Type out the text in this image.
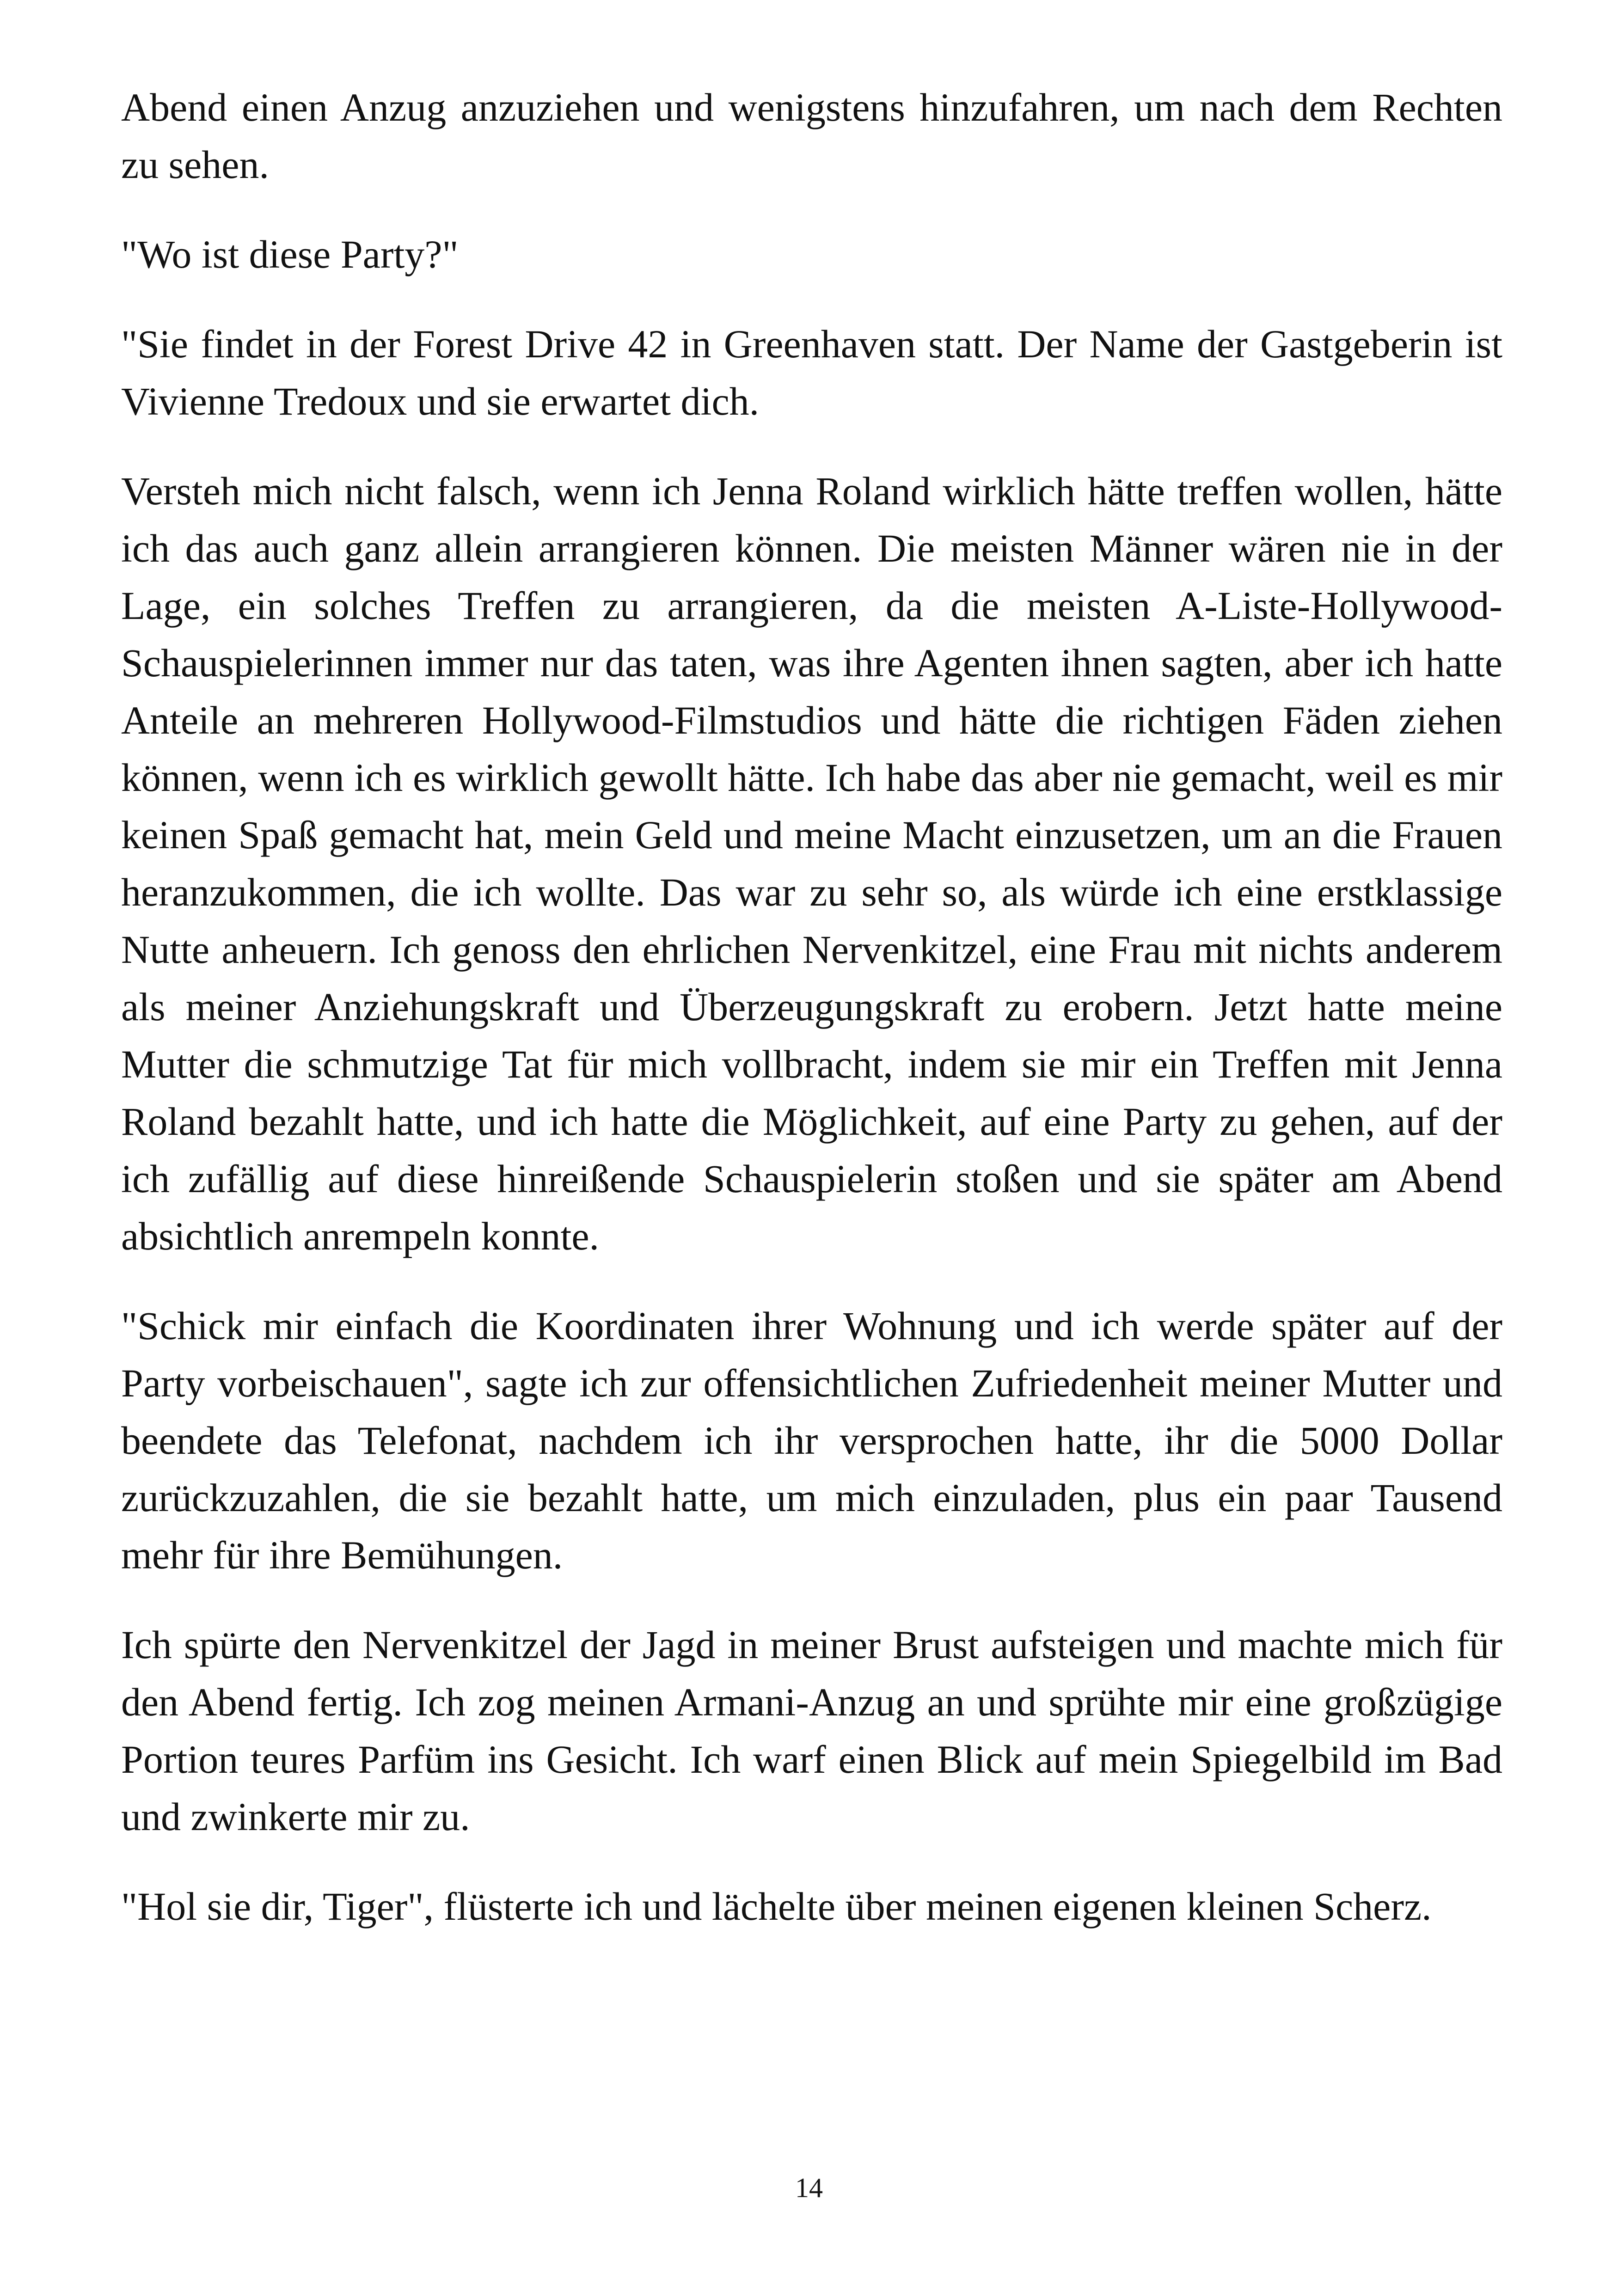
Abend einen Anzug anzuziehen und wenigstens hinzufahren, um nach dem Rechten zu sehen.

"Wo ist diese Party?"

"Sie findet in der Forest Drive 42 in Greenhaven statt. Der Name der Gastgeberin ist Vivienne Tredoux und sie erwartet dich.

Versteh mich nicht falsch, wenn ich Jenna Roland wirklich hätte treffen wollen, hätte ich das auch ganz allein arrangieren können. Die meisten Männer wären nie in der Lage, ein solches Treffen zu arrangieren, da die meisten A-Liste-Hollywood-Schauspielerinnen immer nur das taten, was ihre Agenten ihnen sagten, aber ich hatte Anteile an mehreren Hollywood-Filmstudios und hätte die richtigen Fäden ziehen können, wenn ich es wirklich gewollt hätte. Ich habe das aber nie gemacht, weil es mir keinen Spaß gemacht hat, mein Geld und meine Macht einzusetzen, um an die Frauen heranzukommen, die ich wollte. Das war zu sehr so, als würde ich eine erstklassige Nutte anheuern. Ich genoss den ehrlichen Nervenkitzel, eine Frau mit nichts anderem als meiner Anziehungskraft und Überzeugungskraft zu erobern. Jetzt hatte meine Mutter die schmutzige Tat für mich vollbracht, indem sie mir ein Treffen mit Jenna Roland bezahlt hatte, und ich hatte die Möglichkeit, auf eine Party zu gehen, auf der ich zufällig auf diese hinreißende Schauspielerin stoßen und sie später am Abend absichtlich anrempeln konnte.

"Schick mir einfach die Koordinaten ihrer Wohnung und ich werde später auf der Party vorbeischauen", sagte ich zur offensichtlichen Zufriedenheit meiner Mutter und beendete das Telefonat, nachdem ich ihr versprochen hatte, ihr die 5000 Dollar zurückzuzahlen, die sie bezahlt hatte, um mich einzuladen, plus ein paar Tausend mehr für ihre Bemühungen.

Ich spürte den Nervenkitzel der Jagd in meiner Brust aufsteigen und machte mich für den Abend fertig. Ich zog meinen Armani-Anzug an und sprühte mir eine großzügige Portion teures Parfüm ins Gesicht. Ich warf einen Blick auf mein Spiegelbild im Bad und zwinkerte mir zu.

"Hol sie dir, Tiger", flüsterte ich und lächelte über meinen eigenen kleinen Scherz.

14
